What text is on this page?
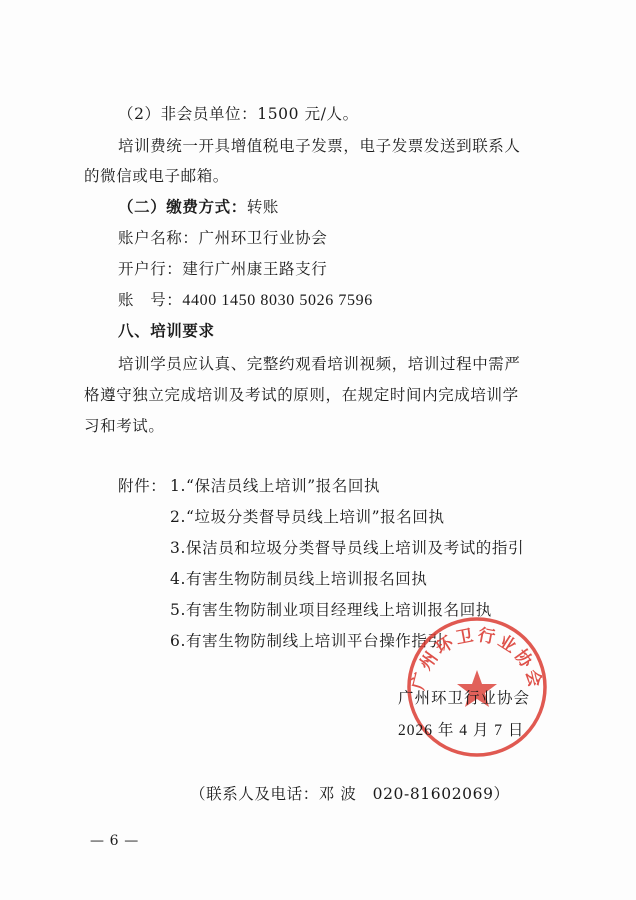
（2）非会员单位：1500 元/人。
培训费统一开具增值税电子发票，电子发票发送到联系人
的微信或电子邮箱。
（二）缴费方式：转账
账户名称：广州环卫行业协会
开户行：建行广州康王路支行
账　号：4400 1450 8030 5026 7596
八、培训要求
培训学员应认真、完整约观看培训视频，培训过程中需严
格遵守独立完成培训及考试的原则，在规定时间内完成培训学
习和考试。
附件： 1.“保洁员线上培训”报名回执
2.“垃圾分类督导员线上培训”报名回执
3.保洁员和垃圾分类督导员线上培训及考试的指引
4.有害生物防制员线上培训报名回执
5.有害生物防制业项目经理线上培训报名回执
6.有害生物防制线上培训平台操作指引
广州环卫行业协会
广州环卫行业协会
2026 年 4 月 7 日
（联系人及电话：邓 波　020-81602069）
— 6 —
